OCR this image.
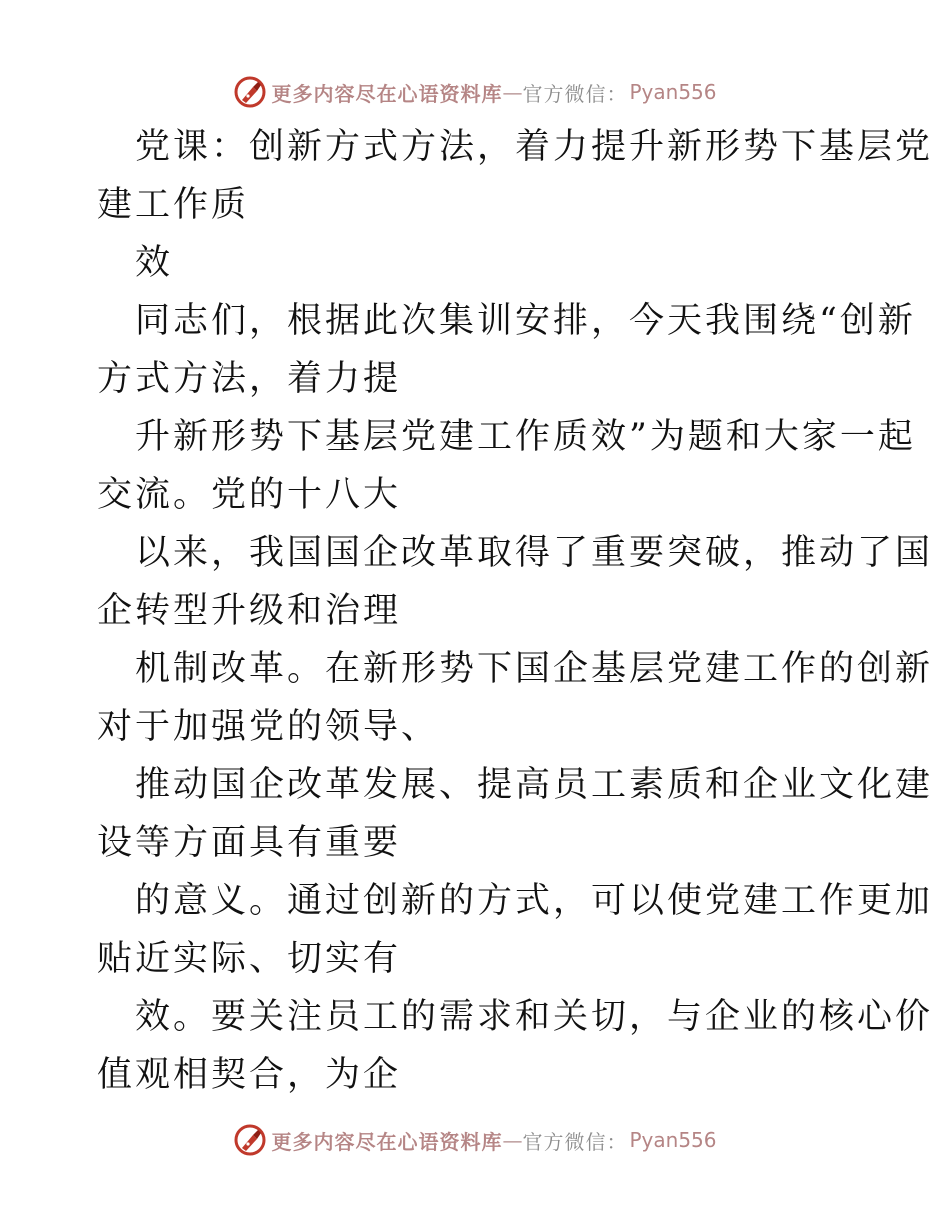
更多内容尽在心语资料库 — 官方微信： Pyan556
党课：创新方式方法，着力提升新形势下基层党
建工作质
效
同志们，根据此次集训安排，今天我围绕“创新
方式方法，着力提
升新形势下基层党建工作质效”为题和大家一起
交流。党的十八大
以来，我国国企改革取得了重要突破，推动了国
企转型升级和治理
机制改革。在新形势下国企基层党建工作的创新
对于加强党的领导、
推动国企改革发展、提高员工素质和企业文化建
设等方面具有重要
的意义。通过创新的方式，可以使党建工作更加
贴近实际、切实有
效。要关注员工的需求和关切，与企业的核心价
值观相契合，为企
更多内容尽在心语资料库 — 官方微信： Pyan556
